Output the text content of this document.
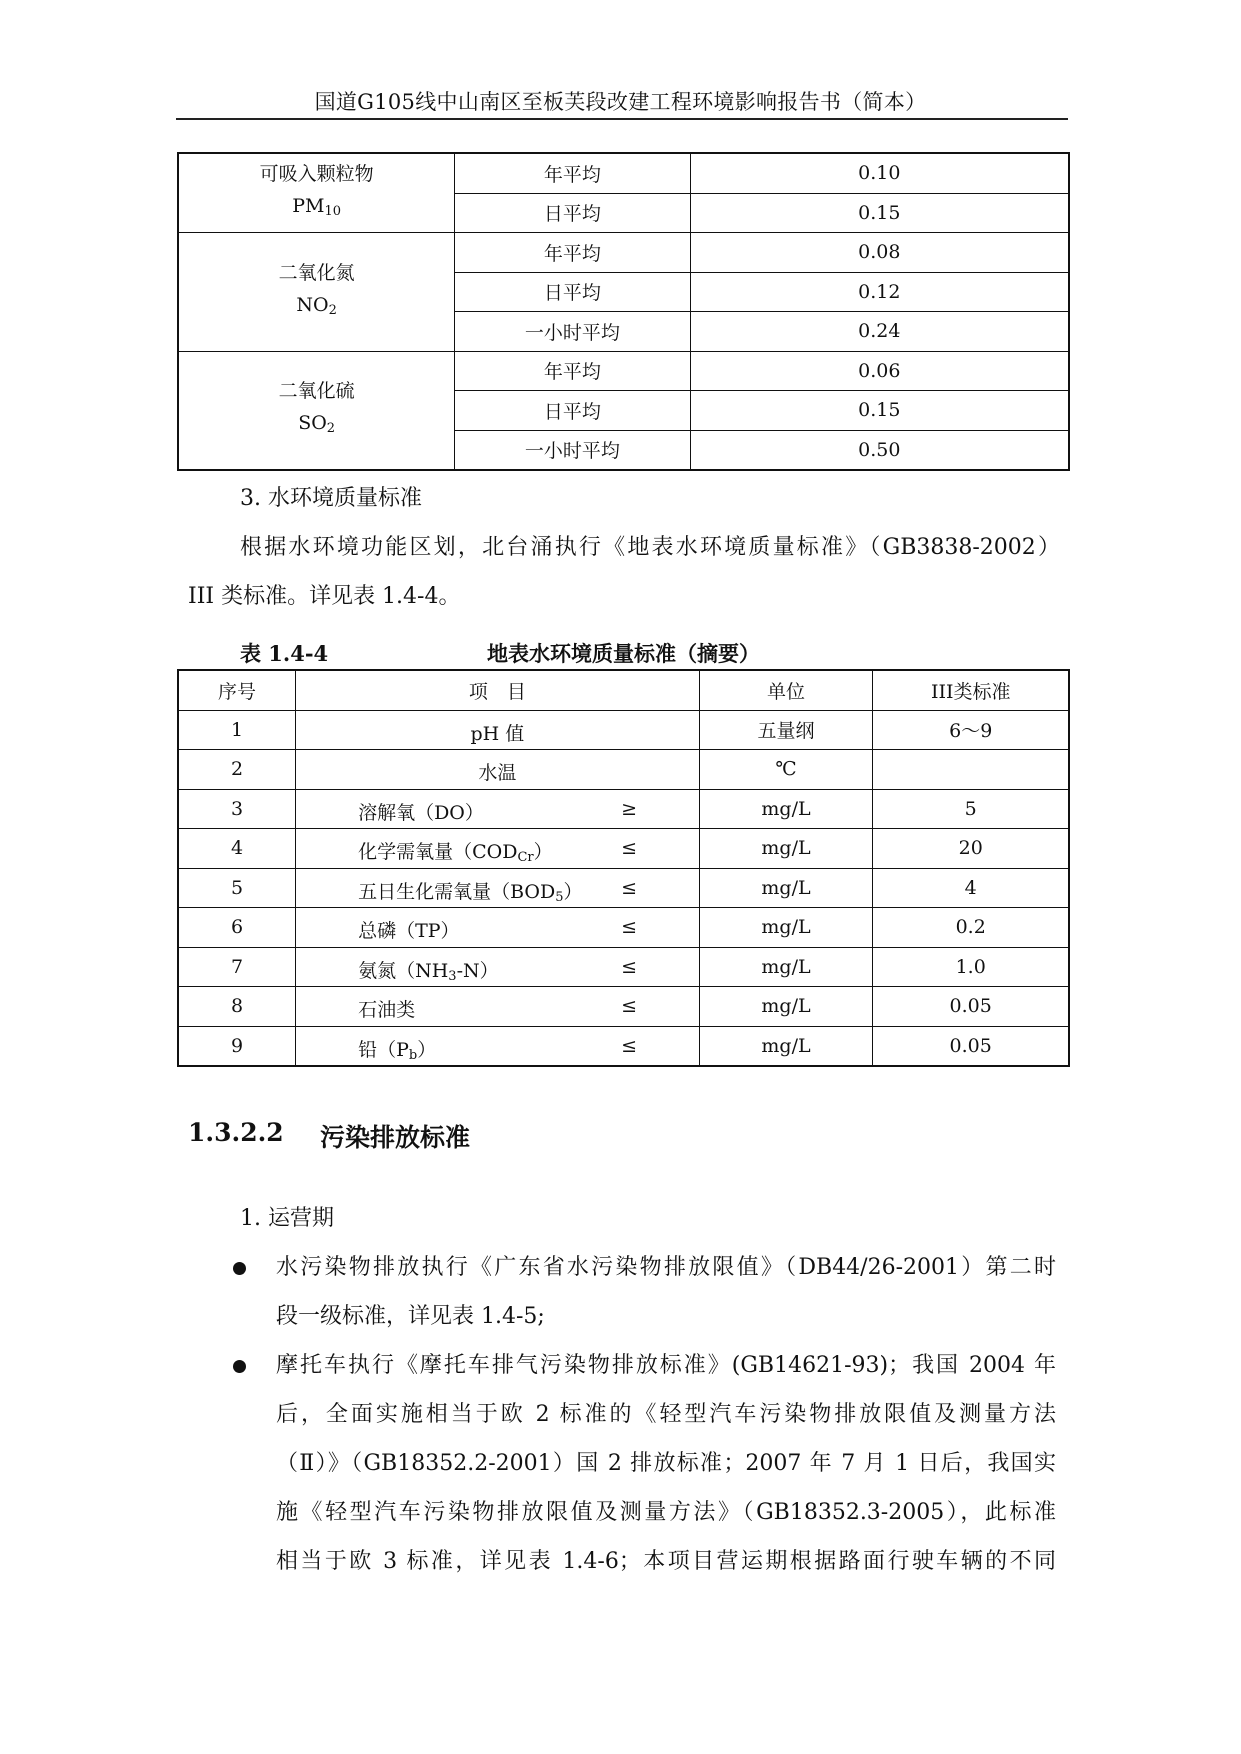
国道G105线中山南区至板芙段改建工程环境影响报告书（简本）
可吸入颗粒物
$PM_{10}$	年平均	0.10
	日平均	0.15

二氧化氮
$NO_2$	年平均	0.08
	日平均	0.12
	一小时平均	0.24

二氧化硫
$SO_2$	年平均	0.06
	日平均	0.15
	一小时平均	0.50
3. 水环境质量标准
根据水环境功能区划，北台涌执行《地表水环境质量标准》（GB3838-2002）
III 类标准。详见表 1.4-4。
表 1.4-4	地表水环境质量标准（摘要）
序号	项　目	单位	III类标准
1	pH 值	五量纲	6～9
2	水温	℃	
3	溶解氧（DO） ≥	mg/L	5
4	化学需氧量$(COD_{Cr})$ ≤	mg/L	20
5	五日生化需氧量$(BOD_5)$ ≤	mg/L	4
6	总磷（TP） ≤	mg/L	0.2
7	氨氮$(NH_3-N)$ ≤	mg/L	1.0
8	石油类 ≤	mg/L	0.05
9	铅$(P_b)$ ≤	mg/L	0.05
1.3.2.2 污染排放标准
1. 运营期
水污染物排放执行《广东省水污染物排放限值》（DB44/26-2001）第二时
段一级标准，详见表 1.4-5;
摩托车执行《摩托车排气污染物排放标准》(GB14621-93)；我国 2004 年
后，全面实施相当于欧 2 标准的《轻型汽车污染物排放限值及测量方法
（Ⅱ）》（GB18352.2-2001）国 2 排放标准；2007 年 7 月 1 日后，我国实
施《轻型汽车污染物排放限值及测量方法》（GB18352.3-2005），此标准
相当于欧 3 标准，详见表 1.4-6；本项目营运期根据路面行驶车辆的不同
